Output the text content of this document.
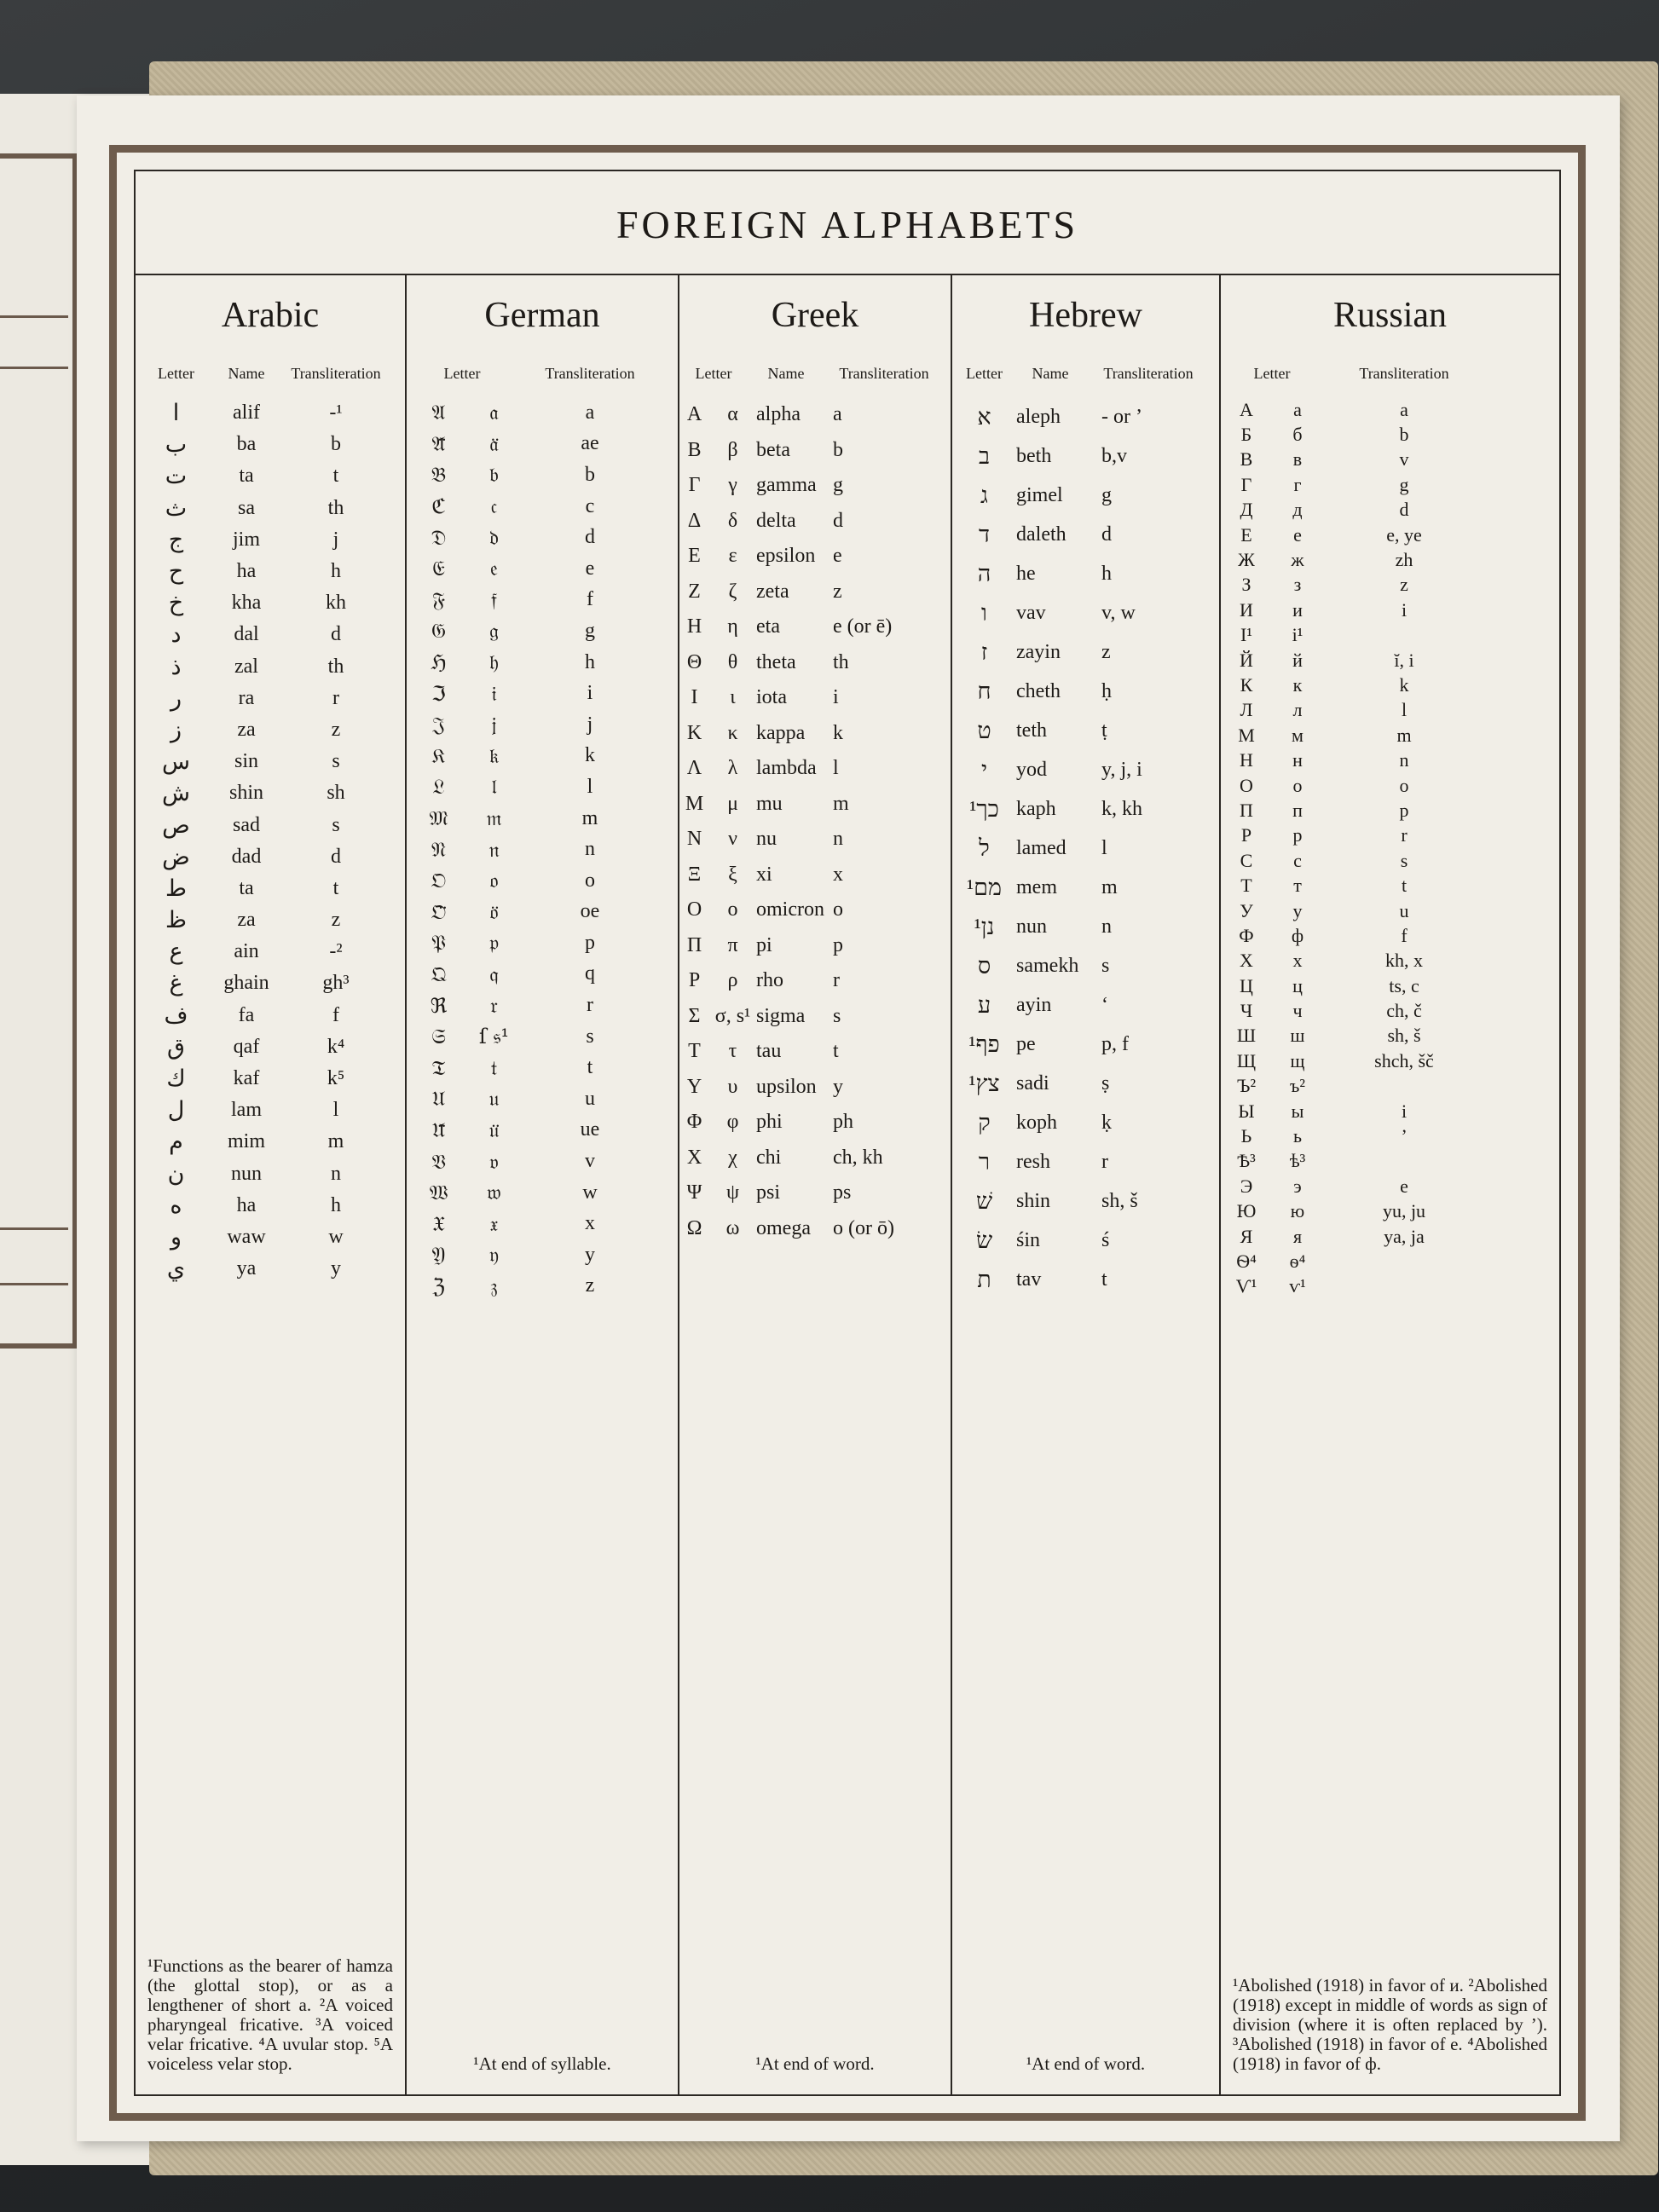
FOREIGN ALPHABETS
Arabic
Letter	Name	Transliteration
ا	alif	-¹
ب	ba	b
ت	ta	t
ث	sa	th
ج	jim	j
ح	ha	h
خ	kha	kh
د	dal	d
ذ	zal	th
ر	ra	r
ز	za	z
س	sin	s
ش	shin	sh
ص	sad	s
ض	dad	d
ط	ta	t
ظ	za	z
ع	ain	-²
غ	ghain	gh³
ف	fa	f
ق	qaf	k⁴
ك	kaf	k⁵
ل	lam	l
م	mim	m
ن	nun	n
ه	ha	h
و	waw	w
ي	ya	y
¹Functions as the bearer of hamza (the glottal stop), or as a lengthener of short a. ²A voiced pharyngeal fricative. ³A voiced velar fricative. ⁴A uvular stop. ⁵A voiceless velar stop.
German
Letter	Transliteration
𝔄	𝔞	a
𝔄̈	𝔞̈	ae
𝔅	𝔟	b
ℭ	𝔠	c
𝔇	𝔡	d
𝔈	𝔢	e
𝔉	𝔣	f
𝔊	𝔤	g
ℌ	𝔥	h
ℑ	𝔦	i
𝔍	𝔧	j
𝔎	𝔨	k
𝔏	𝔩	l
𝔐	𝔪	m
𝔑	𝔫	n
𝔒	𝔬	o
𝔒̈	𝔬̈	oe
𝔓	𝔭	p
𝔔	𝔮	q
ℜ	𝔯	r
𝔖	ſ 𝔰¹	s
𝔗	𝔱	t
𝔘	𝔲	u
𝔘̈	𝔲̈	ue
𝔙	𝔳	v
𝔚	𝔴	w
𝔛	𝔵	x
𝔜	𝔶	y
ℨ	𝔷	z
¹At end of syllable.
Greek
Letter	Name	Transliteration
Α	α alpha	a
Β	β beta	b
Γ	γ gamma g
Δ	δ delta	d
Ε	ε epsilon e
Ζ	ζ zeta	z
Η	η eta	e (or ē)
Θ	θ theta	th
Ι	ι	iota	i
Κ	κ kappa	k
Λ	λ lambda l
Μ	μ mu	m
Ν	ν nu	n
Ξ	ξ xi	x
Ο	ο omicron o
Π	π pi	p
Ρ	ρ rho	r
Σ σ, s¹ sigma	s
Τ	τ tau	t
Υ	υ upsilon y
Φ	φ phi	ph
Χ	χ chi	ch, kh
Ψ	ψ psi	ps
Ω	ω omega	o (or ō)
¹At end of word.
Hebrew
Letter	Name	Transliteration
א	aleph	- or ’
ב	beth	b,v
ג	gimel	g
ד	daleth	d
ה	he	h
ו	vav	v, w
ז	zayin	z
ח	cheth	ḥ
ט	teth	ṭ
י	yod	y, j, i
כך¹ kaph	k, kh
ל	lamed	l
מם¹ mem	m
נן¹	nun	n
ס	samekh	s
ע	ayin	‘
פף¹ pe	p, f
צץ¹ sadi	ṣ
ק	koph	ḳ
ר	resh	r
שׁ	shin	sh, š
שׂ	śin	ś
ת	tav	t
¹At end of word.
Russian
Letter	Transliteration
А	а	a
Б	б	b
В	в	v
Г	г	g
Д	д	d
Е	е	e, ye
Ж	ж	zh
З	з	z
И	и	i
I¹	i¹
Й	й	ĭ, i
К	к	k
Л	л	l
М	м	m
Н	н	n
О	о	o
П	п	p
Р	р	r
С	с	s
Т	т	t
У	у	u
Ф	ф	f
Х	х	kh, x
Ц	ц	ts, c
Ч	ч	ch, č
Ш	ш	sh, š
Щ	щ	shch, šč
Ъ²	ъ²
Ы	ы	i
Ь	ь	’
Ѣ³	ѣ³
Э	э	e
Ю	ю	yu, ju
Я	я	ya, ja
Ѳ⁴	ѳ⁴
Ѵ¹	ѵ¹
¹Abolished (1918) in favor of и. ²Abolished (1918) except in middle of words as sign of division (where it is often replaced by ’). ³Abolished (1918) in favor of e. ⁴Abolished (1918) in favor of ф.
